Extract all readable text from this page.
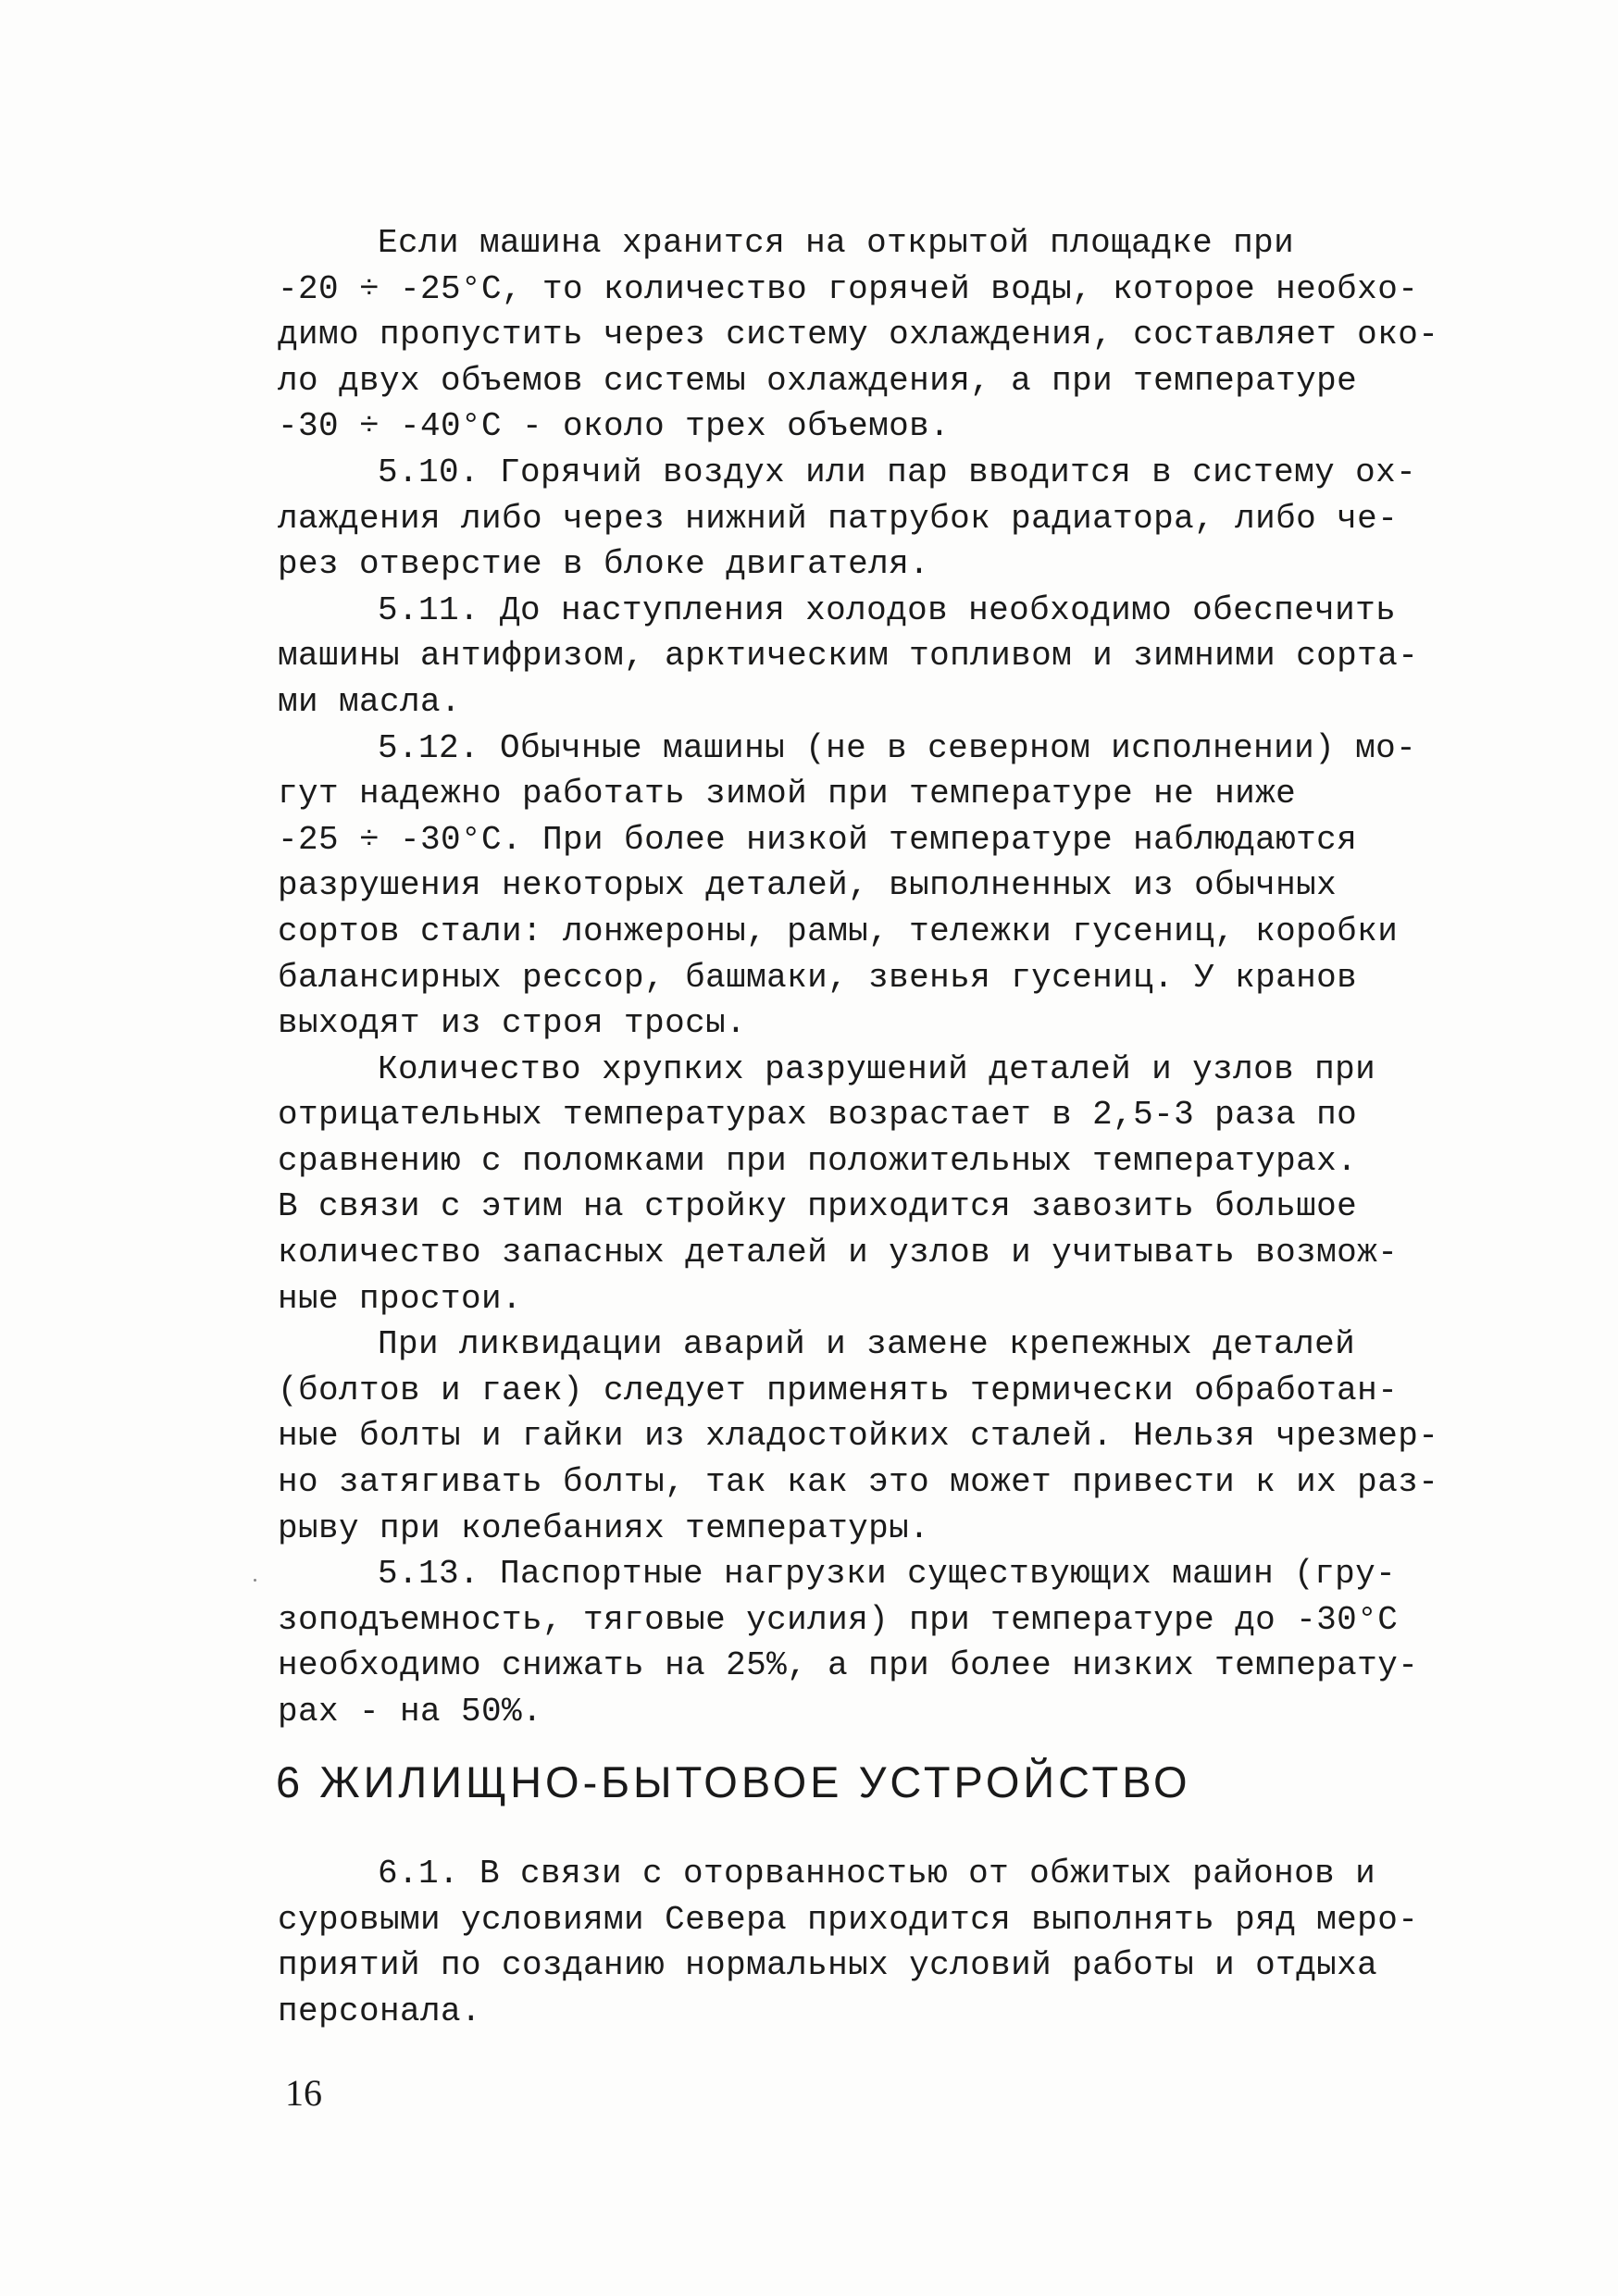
Если машина хранится на открытой площадке при
-20 ÷ -25°С, то количество горячей воды, которое необхо-
димо пропустить через систему охлаждения, составляет око-
ло двух объемов системы охлаждения, а при температуре
-30 ÷ -40°С - около трех объемов.
5.10. Горячий воздух или пар вводится в систему ох-
лаждения либо через нижний патрубок радиатора, либо че-
рез отверстие в блоке двигателя.
5.11. До наступления холодов необходимо обеспечить
машины антифризом, арктическим топливом и зимними сорта-
ми масла.
5.12. Обычные машины (не в северном исполнении) мо-
гут надежно работать зимой при температуре не ниже
-25 ÷ -30°С. При более низкой температуре наблюдаются
разрушения некоторых деталей, выполненных из обычных
сортов стали: лонжероны, рамы, тележки гусениц, коробки
балансирных рессор, башмаки, звенья гусениц. У кранов
выходят из строя тросы.
Количество хрупких разрушений деталей и узлов при
отрицательных температурах возрастает в 2,5-3 раза по
сравнению с поломками при положительных температурах.
В связи с этим на стройку приходится завозить большое
количество запасных деталей и узлов и учитывать возмож-
ные простои.
При ликвидации аварий и замене крепежных деталей
(болтов и гаек) следует применять термически обработан-
ные болты и гайки из хладостойких сталей. Нельзя чрезмер-
но затягивать болты, так как это может привести к их раз-
рыву при колебаниях температуры.
5.13. Паспортные нагрузки существующих машин (гру-
зоподъемность, тяговые усилия) при температуре до -30°С
необходимо снижать на 25%, а при более низких температу-
рах - на 50%.
6 ЖИЛИЩНО-БЫТОВОЕ УСТРОЙСТВО
6.1. В связи с оторванностью от обжитых районов и
суровыми условиями Севера приходится выполнять ряд меро-
приятий по созданию нормальных условий работы и отдыха
персонала.
16
